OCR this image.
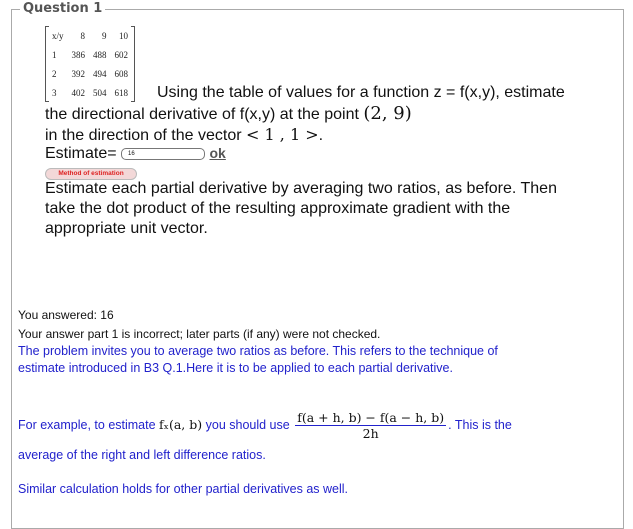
Question 1
x/y	8	9	10
1	386	488	602
2	392	494	608
3	402	504	618 Using the table of values for a function z = f(x,y), estimate
the directional derivative of f(x,y) at the point (2, 9)
in the direction of the vector < 1 , 1 >.
Estimate= 16	ok
Method of estimation
Estimate each partial derivative by averaging two ratios, as before. Then
take the dot product of the resulting approximate gradient with the
appropriate unit vector.
You answered: 16
Your answer part 1 is incorrect; later parts (if any) were not checked.
The problem invites you to average two ratios as before. This refers to the technique of
estimate introduced in B3 Q.1.Here it is to be applied to each partial derivative.
For example, to estimate fₓ(a, b) you should use $\frac{f(a + h, b) - f(a - h, b)}{2h}$ . This is the
average of the right and left difference ratios.
Similar calculation holds for other partial derivatives as well.
